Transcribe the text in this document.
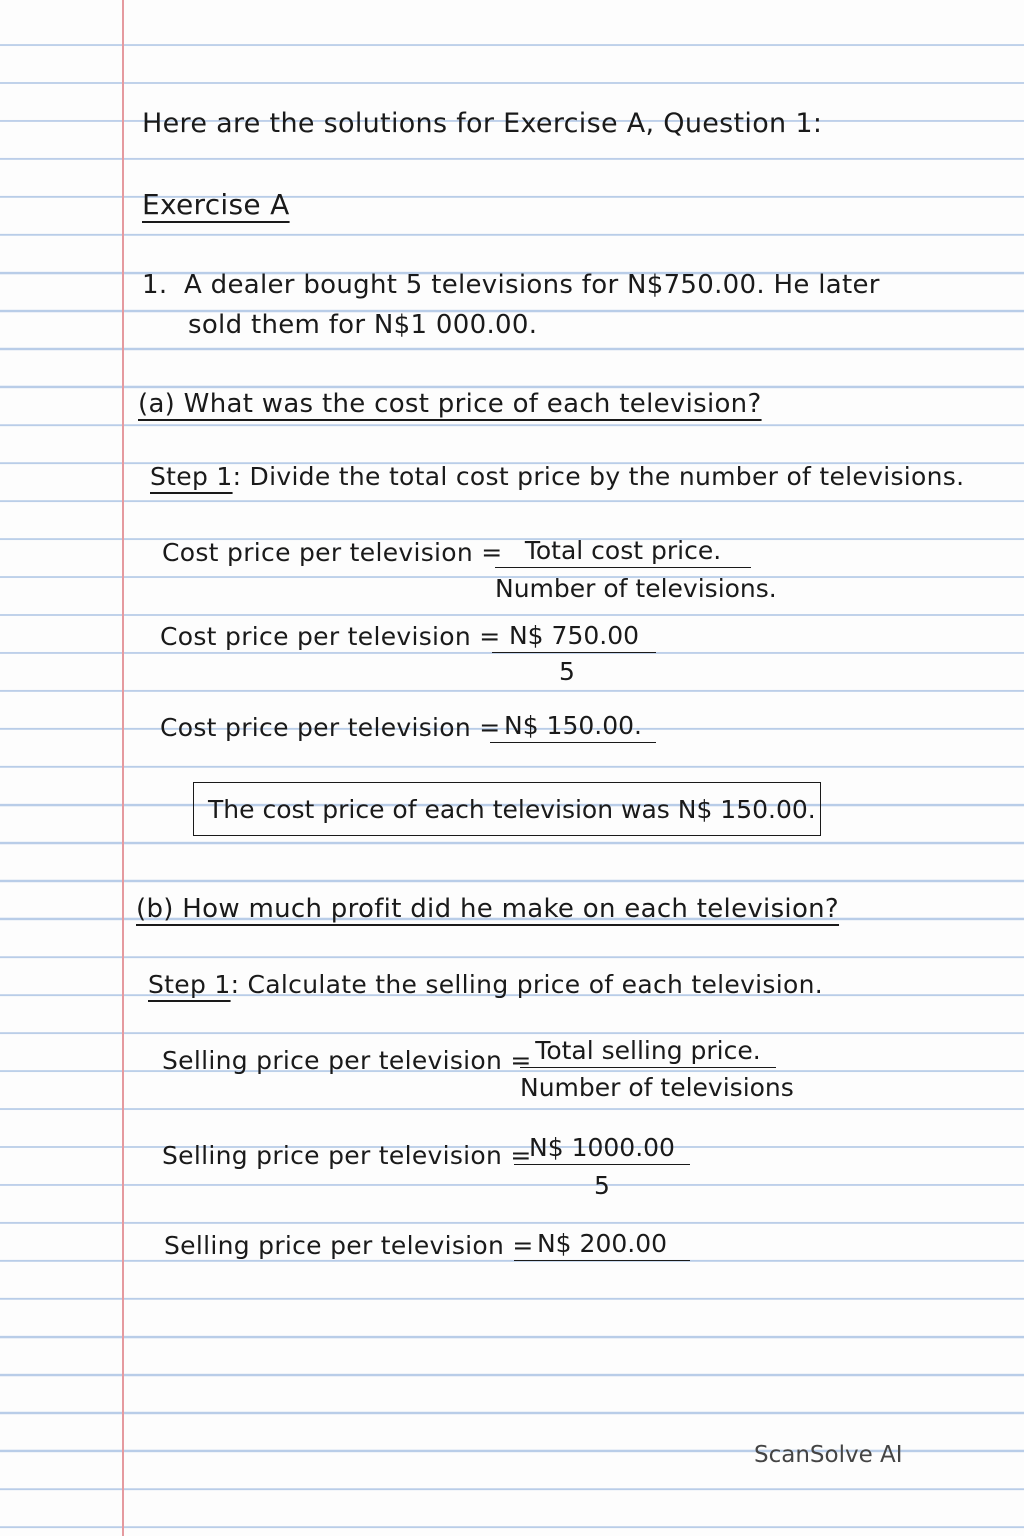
Here are the solutions for Exercise A, Question 1:
Exercise A
1. A dealer bought 5 televisions for N$750.00. He later
sold them for N$1 000.00.
(a) What was the cost price of each television?
Step 1: Divide the total cost price by the number of televisions.
Cost price per television = Total cost price.
Number of televisions.
Cost price per television = N$ 750.00
5
Cost price per television = N$ 150.00.
The cost price of each television was N$ 150.00.
(b) How much profit did he make on each television?
Step 1: Calculate the selling price of each television.
Selling price per television = Total selling price.
Number of televisions
Selling price per television =
N$ 1000.00
5
Selling price per television = N$ 200.00
ScanSolve AI
